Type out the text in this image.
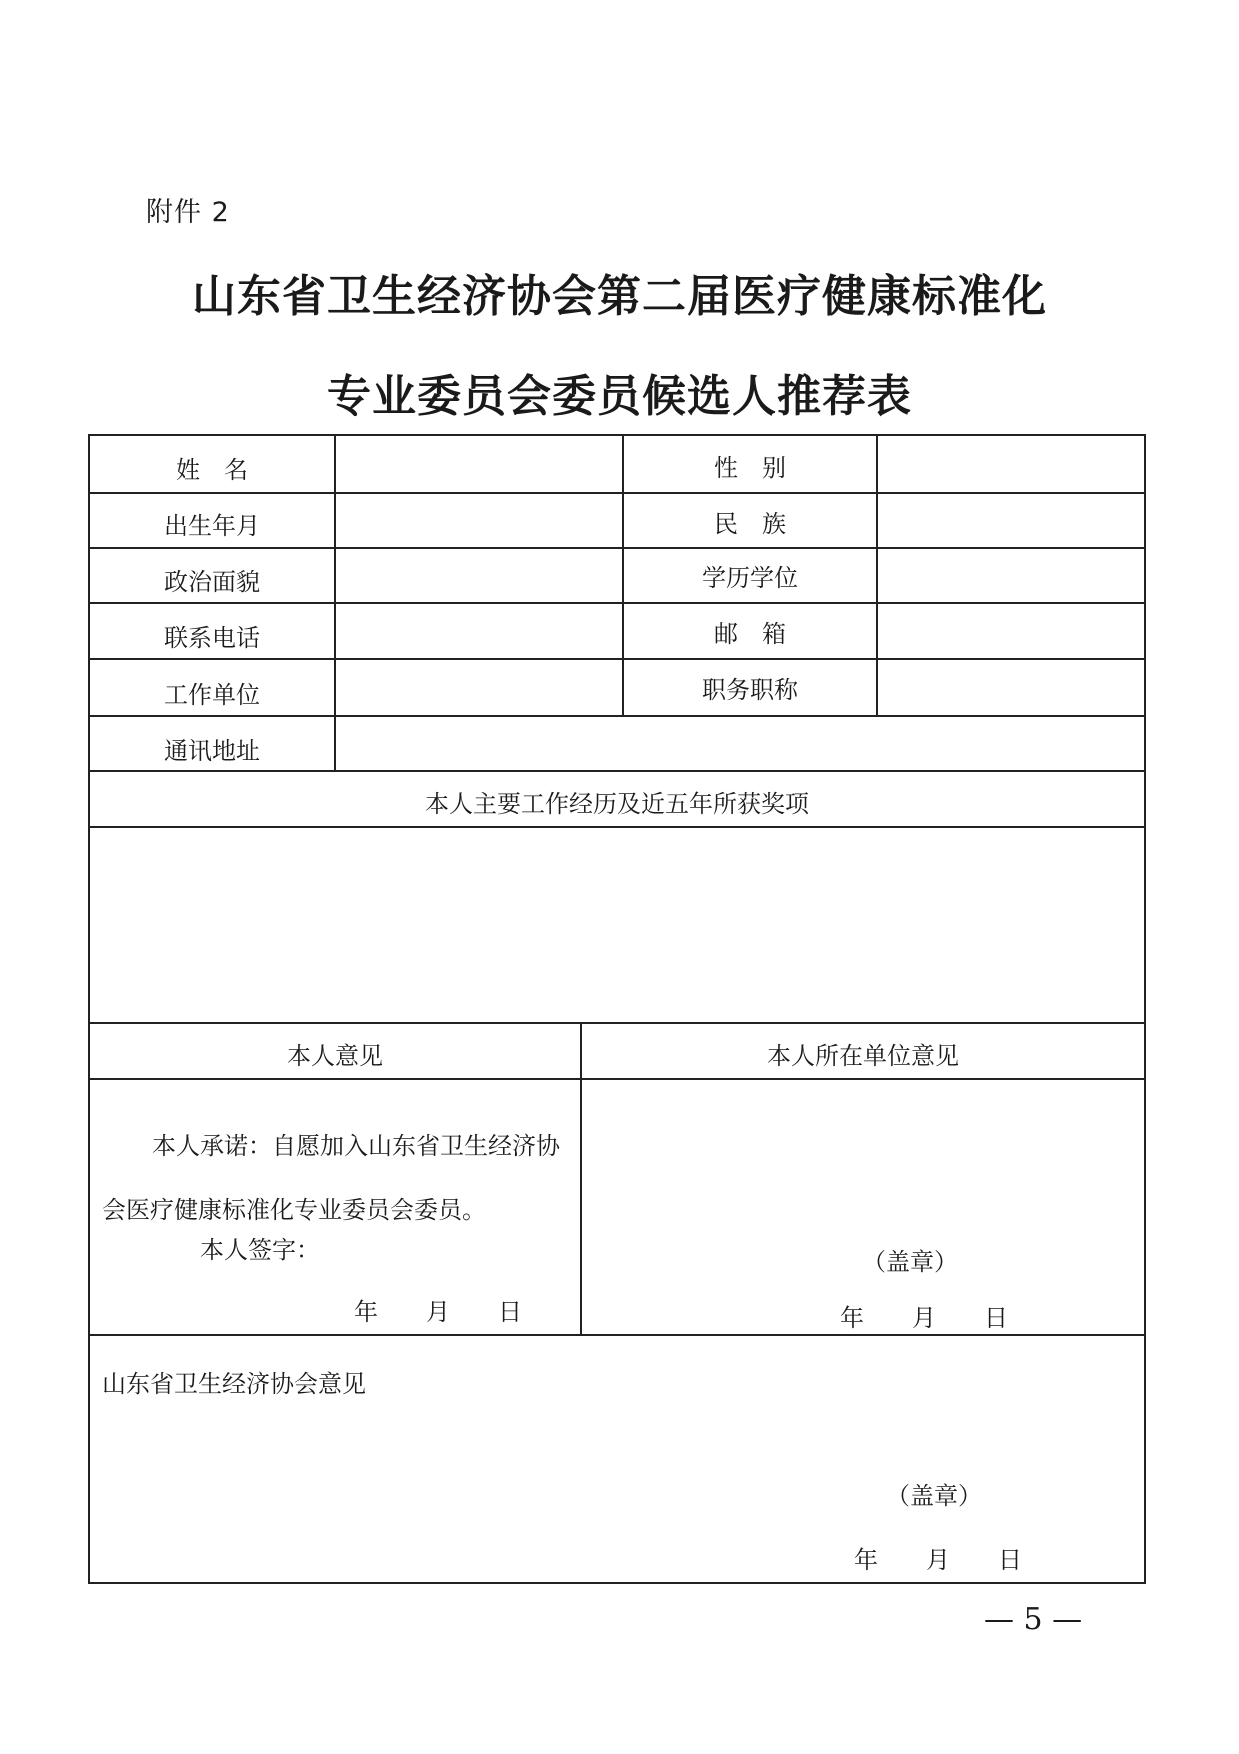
附件 2
山东省卫生经济协会第二届医疗健康标准化
专业委员会委员候选人推荐表
姓　名	性　别
出生年月	民　族
政治面貌	学历学位
联系电话	邮　箱
工作单位	职务职称
通讯地址
本人主要工作经历及近五年所获奖项
本人意见	本人所在单位意见
本人承诺：自愿加入山东省卫生经济协
会医疗健康标准化专业委员会委员。
本人签字：
年　　月　　日
（盖章）
年　　月　　日
山东省卫生经济协会意见
（盖章）
年　　月　　日
— 5 —
